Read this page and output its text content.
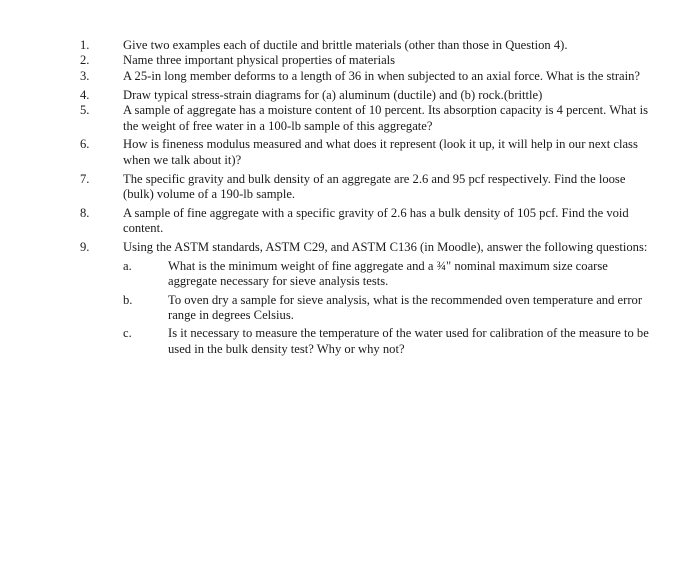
1.	Give two examples each of ductile and brittle materials (other than those in Question 4).
2.	Name three important physical properties of materials
3.	A 25-in long member deforms to a length of 36 in when subjected to an axial force. What is the strain?
4.	Draw typical stress-strain diagrams for (a) aluminum (ductile) and (b) rock.(brittle)
5.	A sample of aggregate has a moisture content of 10 percent. Its absorption capacity is 4 percent. What is the weight of free water in a 100-lb sample of this aggregate?
6.	How is fineness modulus measured and what does it represent (look it up, it will help in our next class when we talk about it)?
7.	The specific gravity and bulk density of an aggregate are 2.6 and 95 pcf respectively. Find the loose (bulk) volume of a 190-lb sample.
8.	A sample of fine aggregate with a specific gravity of 2.6 has a bulk density of 105 pcf. Find the void content.
9.	Using the ASTM standards, ASTM C29, and ASTM C136 (in Moodle), answer the following questions:
a.	What is the minimum weight of fine aggregate and a ¾" nominal maximum size coarse aggregate necessary for sieve analysis tests.
b.	To oven dry a sample for sieve analysis, what is the recommended oven temperature and error range in degrees Celsius.
c.	Is it necessary to measure the temperature of the water used for calibration of the measure to be used in the bulk density test? Why or why not?
